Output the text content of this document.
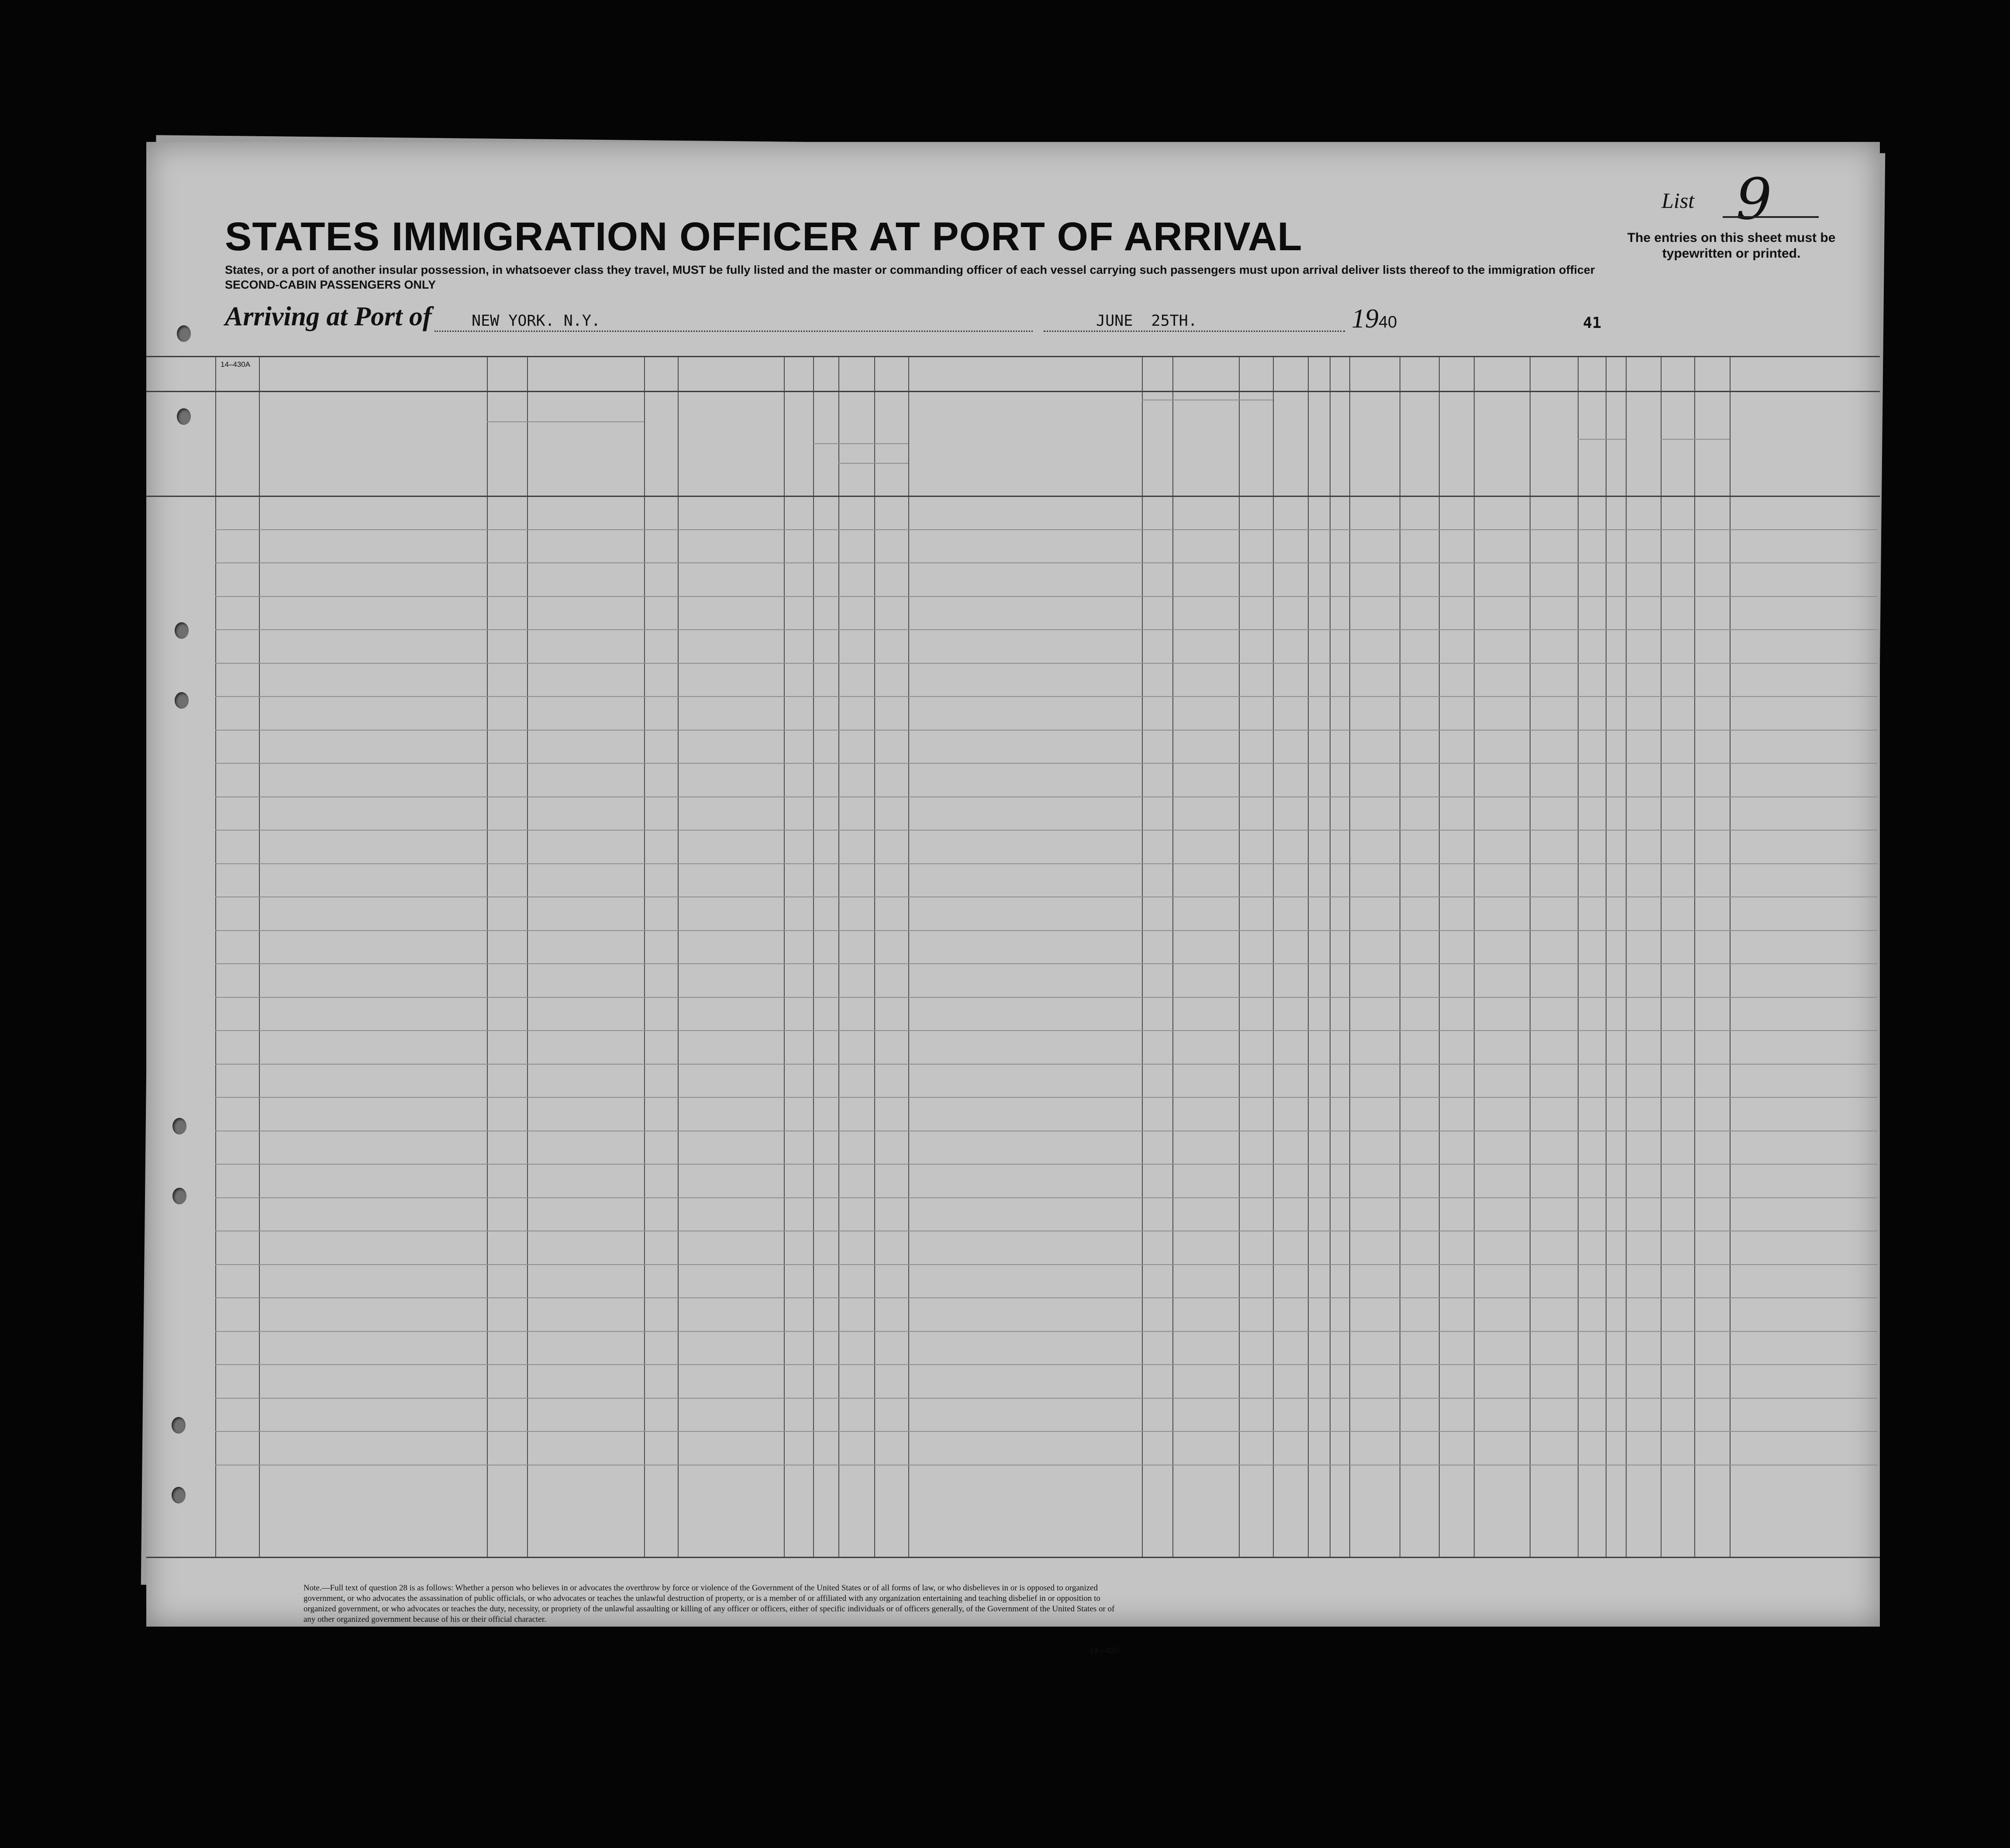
List 9
The entries on this sheet must be typewritten or printed.
STATES IMMIGRATION OFFICER AT PORT OF ARRIVAL
States, or a port of another insular possession, in whatsoever class they travel, MUST be fully listed and the master or commanding officer of each vessel carrying such passengers must upon arrival deliver lists thereof to the immigration officer
SECOND-CABIN PASSENGERS ONLY
Arriving at Port of	NEW YORK. N.Y.	JUNE  25TH.	19 40	41
14–430A
Note.—Full text of question 28 is as follows: Whether a person who believes in or advocates the overthrow by force or violence of the Government of the United States or of all forms of law, or who disbelieves in or is opposed to organized government, or who advocates the assassination of public officials, or who advocates or teaches the unlawful destruction of property, or is a member of or affiliated with any organization entertaining and teaching disbelief in or opposition to organized government, or who advocates or teaches the duty, necessity, or propriety of the unlawful assaulting or killing of any officer or officers, either of specific individuals or of officers generally, of the Government of the United States or of any other organized government because of his or their official character.
14—430
